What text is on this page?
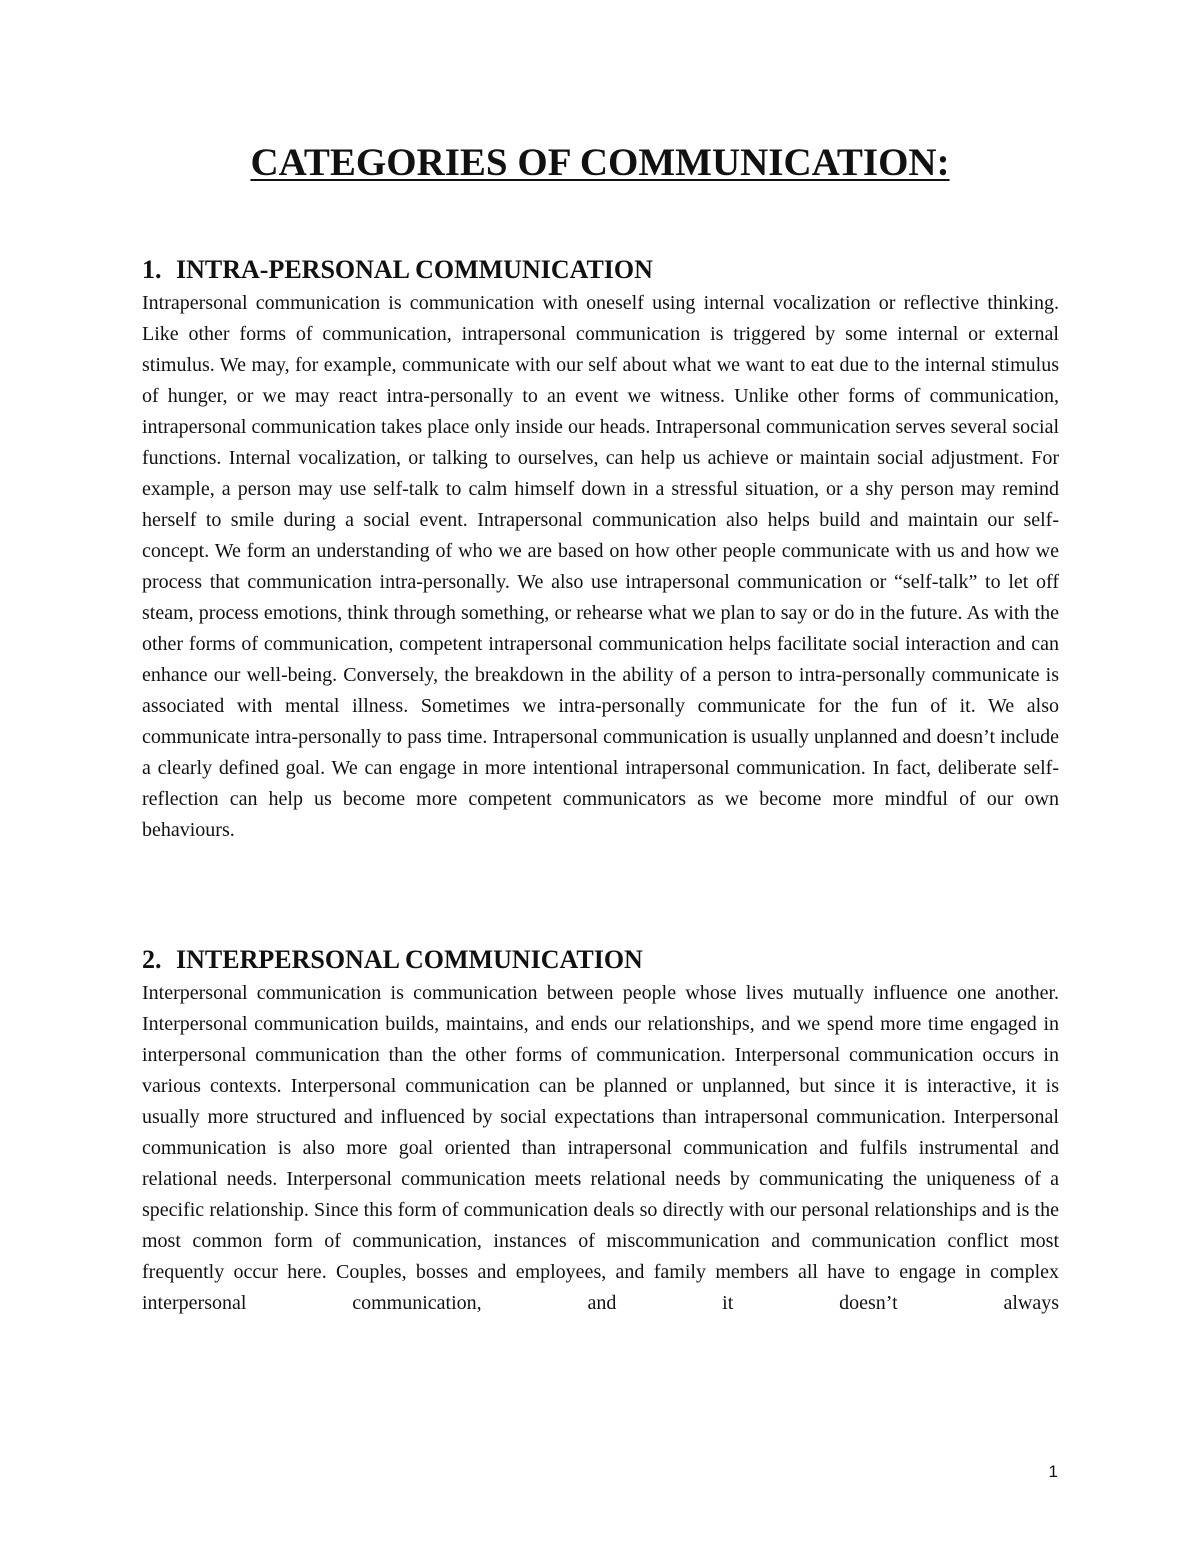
CATEGORIES OF COMMUNICATION:
1. INTRA-PERSONAL COMMUNICATION

Intrapersonal communication is communication with oneself using internal vocalization or reflective thinking. Like other forms of communication, intrapersonal communication is triggered by some internal or external stimulus. We may, for example, communicate with our self about what we want to eat due to the internal stimulus of hunger, or we may react intra-personally to an event we witness. Unlike other forms of communication, intrapersonal communication takes place only inside our heads. Intrapersonal communication serves several social functions. Internal vocalization, or talking to ourselves, can help us achieve or maintain social adjustment. For example, a person may use self-talk to calm himself down in a stressful situation, or a shy person may remind herself to smile during a social event. Intrapersonal communication also helps build and maintain our self-concept. We form an understanding of who we are based on how other people communicate with us and how we process that communication intra-personally. We also use intrapersonal communication or “self-talk” to let off steam, process emotions, think through something, or rehearse what we plan to say or do in the future. As with the other forms of communication, competent intrapersonal communication helps facilitate social interaction and can enhance our well-being. Conversely, the breakdown in the ability of a person to intra-personally communicate is associated with mental illness. Sometimes we intra-personally communicate for the fun of it. We also communicate intra-personally to pass time. Intrapersonal communication is usually unplanned and doesn’t include a clearly defined goal. We can engage in more intentional intrapersonal communication. In fact, deliberate self-reflection can help us become more competent communicators as we become more mindful of our own behaviours.

2. INTERPERSONAL COMMUNICATION

Interpersonal communication is communication between people whose lives mutually influence one another. Interpersonal communication builds, maintains, and ends our relationships, and we spend more time engaged in interpersonal communication than the other forms of communication. Interpersonal communication occurs in various contexts. Interpersonal communication can be planned or unplanned, but since it is interactive, it is usually more structured and influenced by social expectations than intrapersonal communication. Interpersonal communication is also more goal oriented than intrapersonal communication and fulfils instrumental and relational needs. Interpersonal communication meets relational needs by communicating the uniqueness of a specific relationship. Since this form of communication deals so directly with our personal relationships and is the most common form of communication, instances of miscommunication and communication conflict most frequently occur here. Couples, bosses and employees, and family members all have to engage in complex interpersonal communication, and it doesn’t always

1
